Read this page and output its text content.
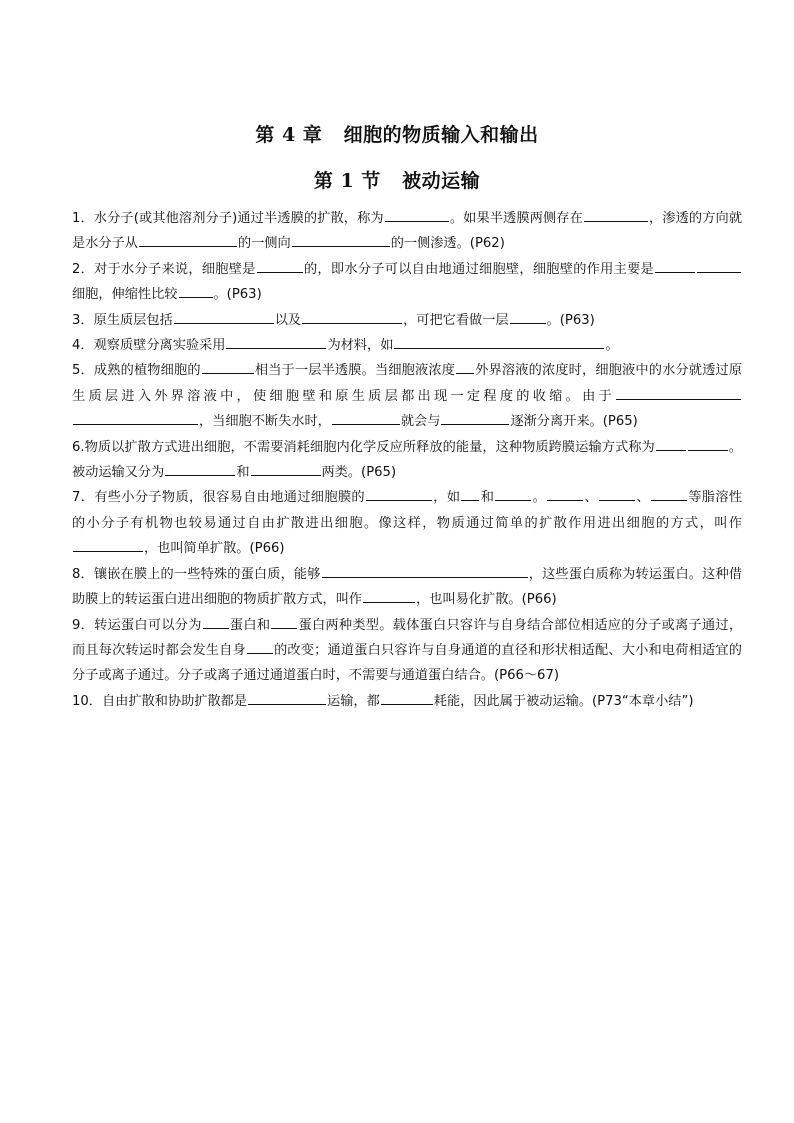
第 4 章   细胞的物质输入和输出
第 1 节   被动运输

1．水分子(或其他溶剂分子)通过半透膜的扩散，称为	。如果半透膜两侧存在	，渗透的方向就是水分子从	的一侧向	的一侧渗透。(P62)

2．对于水分子来说，细胞壁是	的，即水分子可以自由地通过细胞壁，细胞壁的作用主要是细胞，伸缩性比较	。(P63)

3．原生质层包括	以及	，可把它看做一层	。(P63)

4．观察质壁分离实验采用	为材料，如	。

5．成熟的植物细胞的	相当于一层半透膜。当细胞液浓度 外界溶液的浓度时，细胞液中的水分就透过原生质层进入外界溶液中，使细胞壁和原生质层都出现一定程度的收缩。由于，当细胞不断失水时，	就会与	逐渐分离开来。(P65)

6.物质以扩散方式进出细胞，不需要消耗细胞内化学反应所释放的能量，这种物质跨膜运输方式称为	。被动运输又分为	和	两类。(P65)

7．有些小分子物质，很容易自由地通过细胞膜的	，如 和	。	、	、	等脂溶性的小分子有机物也较易通过自由扩散进出细胞。像这样，物质通过简单的扩散作用进出细胞的方式，叫作，也叫简单扩散。(P66)

8．镶嵌在膜上的一些特殊的蛋白质，能够	，这些蛋白质称为转运蛋白。这种借助膜上的转运蛋白进出细胞的物质扩散方式，叫作	，也叫易化扩散。(P66)

9．转运蛋白可以分为 蛋白和 蛋白两种类型。载体蛋白只容许与自身结合部位相适应的分子或离子通过，而且每次转运时都会发生自身 的改变；通道蛋白只容许与自身通道的直径和形状相适配、大小和电荷相适宜的分子或离子通过。分子或离子通过通道蛋白时，不需要与通道蛋白结合。(P66～67)

10．自由扩散和协助扩散都是	运输，都	耗能，因此属于被动运输。(P73“本章小结”)
